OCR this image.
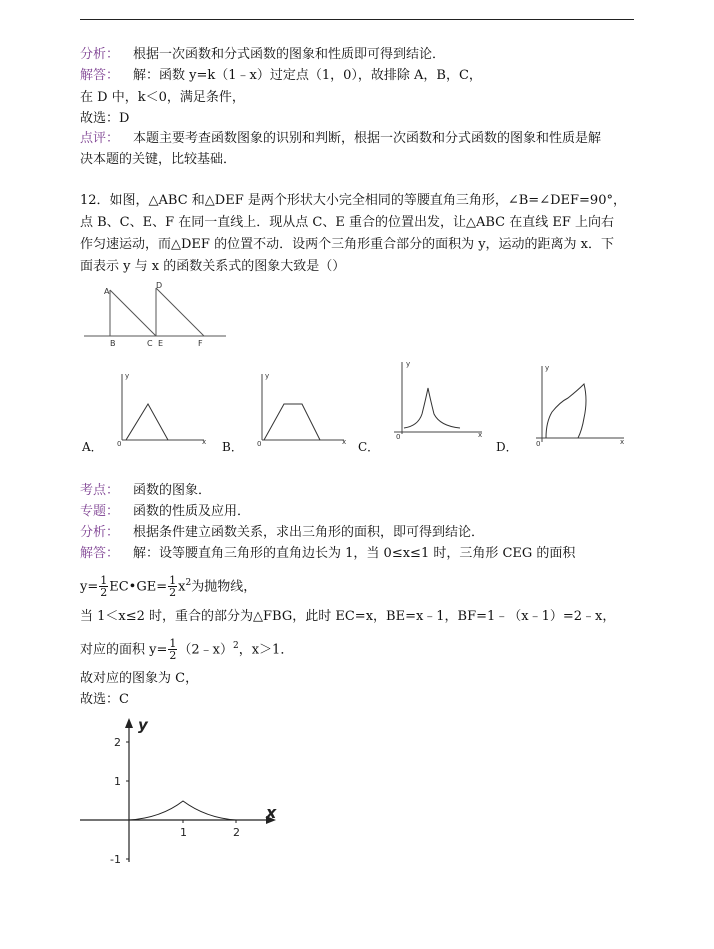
分析： 根据一次函数和分式函数的图象和性质即可得到结论．
解答： 解：函数 y=k（1﹣x）过定点（1，0），故排除 A，B，C，
在 D 中，k＜0，满足条件，
故选：D
点评： 本题主要考查函数图象的识别和判断，根据一次函数和分式函数的图象和性质是解
决本题的关键，比较基础．
12．如图，△ABC 和△DEF 是两个形状大小完全相同的等腰直角三角形，∠B=∠DEF=90°，
点 B、C、E、F 在同一直线上．现从点 C、E 重合的位置出发，让△ABC 在直线 EF 上向右
作匀速运动，而△DEF 的位置不动．设两个三角形重合部分的面积为 y，运动的距离为 x．下
面表示 y 与 x 的函数关系式的图象大致是（）
A
B	C
D
E	F
y
x
0
A．
y
x
0
B．
y
x
0
C．
y
x
0
D．
考点： 函数的图象．
专题： 函数的性质及应用．
分析： 根据条件建立函数关系，求出三角形的面积，即可得到结论．
解答： 解：设等腰直角三角形的直角边长为 1，当 0≤x≤1 时，三角形 CEG 的面积
$y= \frac{1}{2}$ EC•GE= $\frac{1}{2} x^2$为抛物线，
当 1＜x≤2 时，重合的部分为△FBG，此时 EC=x，BE=x﹣1，BF=1﹣（x﹣1）=2﹣x，
对应的面积 $y= \frac{1}{2}$ （2﹣x）$^2$，x＞1．
故对应的图象为 C，
故选：C
y
x
2
1
-1
1	2
